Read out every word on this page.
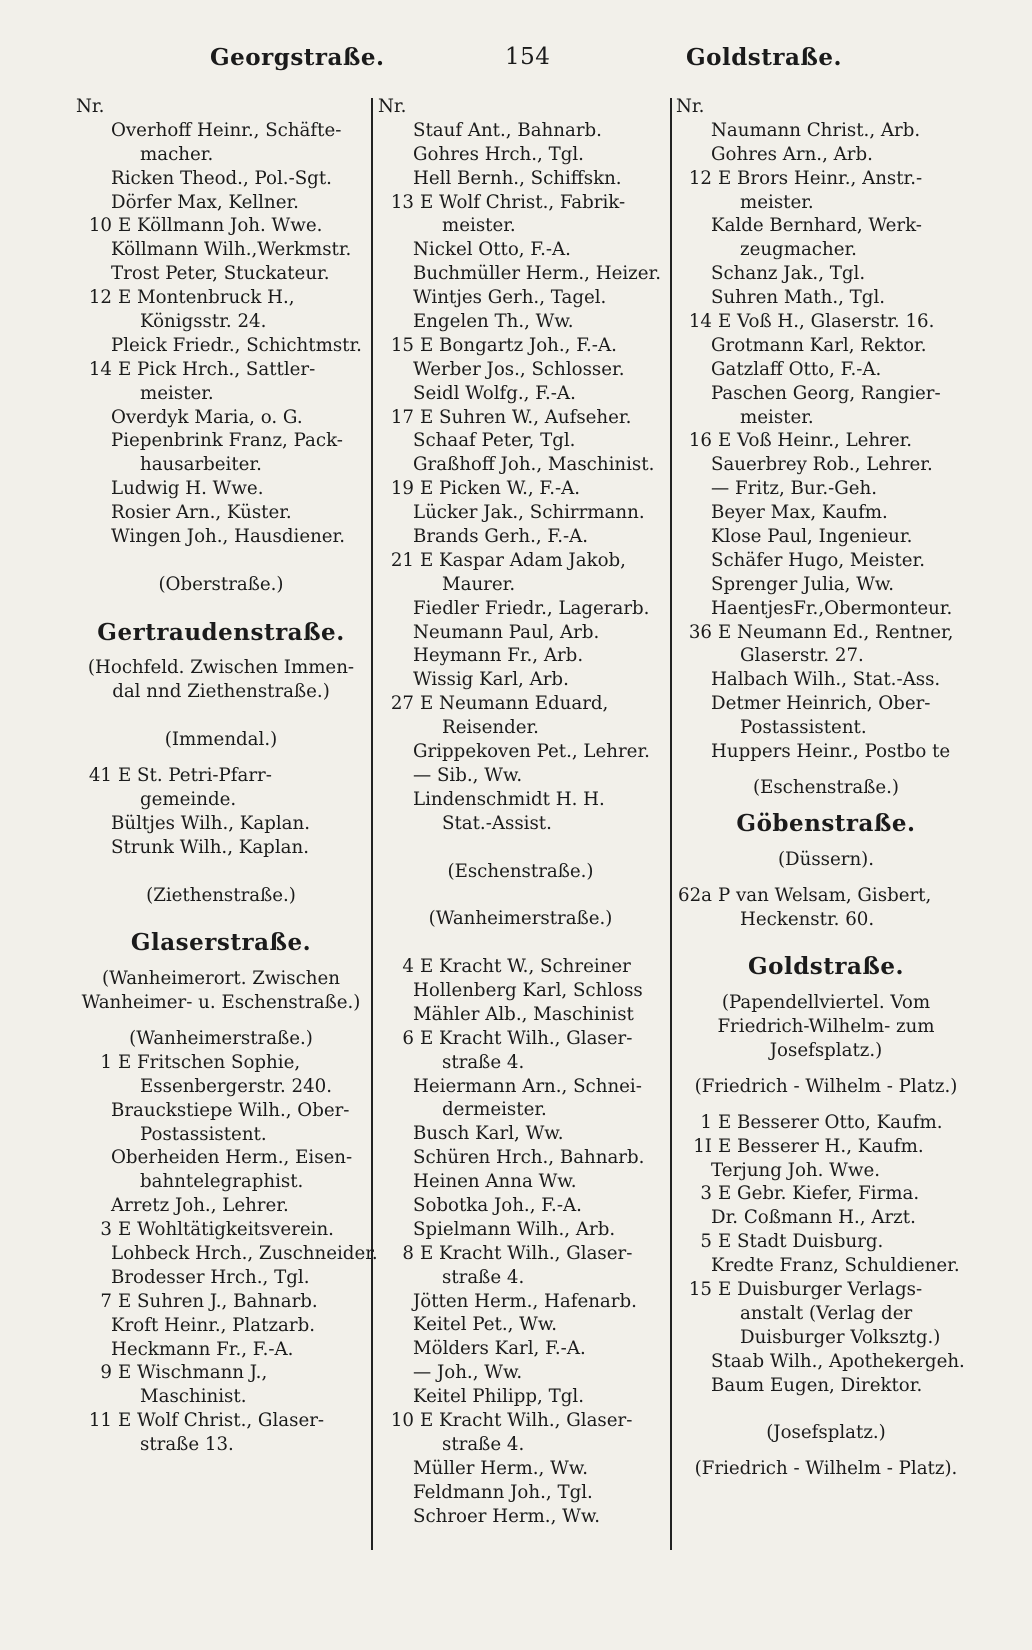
Georgstraße.	154	Goldstraße.
Nr.
Overhoff Heinr., Schäfte-
macher.
Ricken Theod., Pol.-Sgt.
Dörfer Max, Kellner.
10 E Köllmann Joh. Wwe.
Köllmann Wilh.,Werkmstr.
Trost Peter, Stuckateur.
12 E Montenbruck H.,
Königsstr. 24.
Pleick Friedr., Schichtmstr.
14 E Pick Hrch., Sattler-
meister.
Overdyk Maria, o. G.
Piepenbrink Franz, Pack-
hausarbeiter.
Ludwig H. Wwe.
Rosier Arn., Küster.
Wingen Joh., Hausdiener.
(Oberstraße.)
Gertraudenstraße.
(Hochfeld. Zwischen Immen-
dal nnd Ziethenstraße.)
(Immendal.)
41 E St. Petri-Pfarr-
gemeinde.
Bültjes Wilh., Kaplan.
Strunk Wilh., Kaplan.
(Ziethenstraße.)
Glaserstraße.
(Wanheimerort. Zwischen
Wanheimer- u. Eschenstraße.)
(Wanheimerstraße.)
1 E Fritschen Sophie,
Essenbergerstr. 240.
Brauckstiepe Wilh., Ober-
Postassistent.
Oberheiden Herm., Eisen-
bahntelegraphist.
Arretz Joh., Lehrer.
3 E Wohltätigkeitsverein.
Lohbeck Hrch., Zuschneider.
Brodesser Hrch., Tgl.
7 E Suhren J., Bahnarb.
Kroft Heinr., Platzarb.
Heckmann Fr., F.-A.
9 E Wischmann J.,
Maschinist.
11 E Wolf Christ., Glaser-
straße 13.
Nr.
Stauf Ant., Bahnarb.
Gohres Hrch., Tgl.
Hell Bernh., Schiffskn.
13 E Wolf Christ., Fabrik-
meister.
Nickel Otto, F.-A.
Buchmüller Herm., Heizer.
Wintjes Gerh., Tagel.
Engelen Th., Ww.
15 E Bongartz Joh., F.-A.
Werber Jos., Schlosser.
Seidl Wolfg., F.-A.
17 E Suhren W., Aufseher.
Schaaf Peter, Tgl.
Graßhoff Joh., Maschinist.
19 E Picken W., F.-A.
Lücker Jak., Schirrmann.
Brands Gerh., F.-A.
21 E Kaspar Adam Jakob,
Maurer.
Fiedler Friedr., Lagerarb.
Neumann Paul, Arb.
Heymann Fr., Arb.
Wissig Karl, Arb.
27 E Neumann Eduard,
Reisender.
Grippekoven Pet., Lehrer.
— Sib., Ww.
Lindenschmidt H. H.
Stat.-Assist.
(Eschenstraße.)
(Wanheimerstraße.)
4 E Kracht W., Schreiner
Hollenberg Karl, Schloss
Mähler Alb., Maschinist
6 E Kracht Wilh., Glaser-
straße 4.
Heiermann Arn., Schnei-
dermeister.
Busch Karl, Ww.
Schüren Hrch., Bahnarb.
Heinen Anna Ww.
Sobotka Joh., F.-A.
Spielmann Wilh., Arb.
8 E Kracht Wilh., Glaser-
straße 4.
Jötten Herm., Hafenarb.
Keitel Pet., Ww.
Mölders Karl, F.-A.
— Joh., Ww.
Keitel Philipp, Tgl.
10 E Kracht Wilh., Glaser-
straße 4.
Müller Herm., Ww.
Feldmann Joh., Tgl.
Schroer Herm., Ww.
Nr.
Naumann Christ., Arb.
Gohres Arn., Arb.
12 E Brors Heinr., Anstr.-
meister.
Kalde Bernhard, Werk-
zeugmacher.
Schanz Jak., Tgl.
Suhren Math., Tgl.
14 E Voß H., Glaserstr. 16.
Grotmann Karl, Rektor.
Gatzlaff Otto, F.-A.
Paschen Georg, Rangier-
meister.
16 E Voß Heinr., Lehrer.
Sauerbrey Rob., Lehrer.
— Fritz, Bur.-Geh.
Beyer Max, Kaufm.
Klose Paul, Ingenieur.
Schäfer Hugo, Meister.
Sprenger Julia, Ww.
HaentjesFr.,Obermonteur.
36 E Neumann Ed., Rentner,
Glaserstr. 27.
Halbach Wilh., Stat.-Ass.
Detmer Heinrich, Ober-
Postassistent.
Huppers Heinr., Postbo te
(Eschenstraße.)
Göbenstraße.
(Düssern).
62a P van Welsam, Gisbert,
Heckenstr. 60.
Goldstraße.
(Papendellviertel. Vom
Friedrich-Wilhelm- zum
Josefsplatz.)
(Friedrich - Wilhelm - Platz.)
1 E Besserer Otto, Kaufm.
1I E Besserer H., Kaufm.
Terjung Joh. Wwe.
3 E Gebr. Kiefer, Firma.
Dr. Coßmann H., Arzt.
5 E Stadt Duisburg.
Kredte Franz, Schuldiener.
15 E Duisburger Verlags-
anstalt (Verlag der
Duisburger Volksztg.)
Staab Wilh., Apothekergeh.
Baum Eugen, Direktor.
(Josefsplatz.)
(Friedrich - Wilhelm - Platz).
